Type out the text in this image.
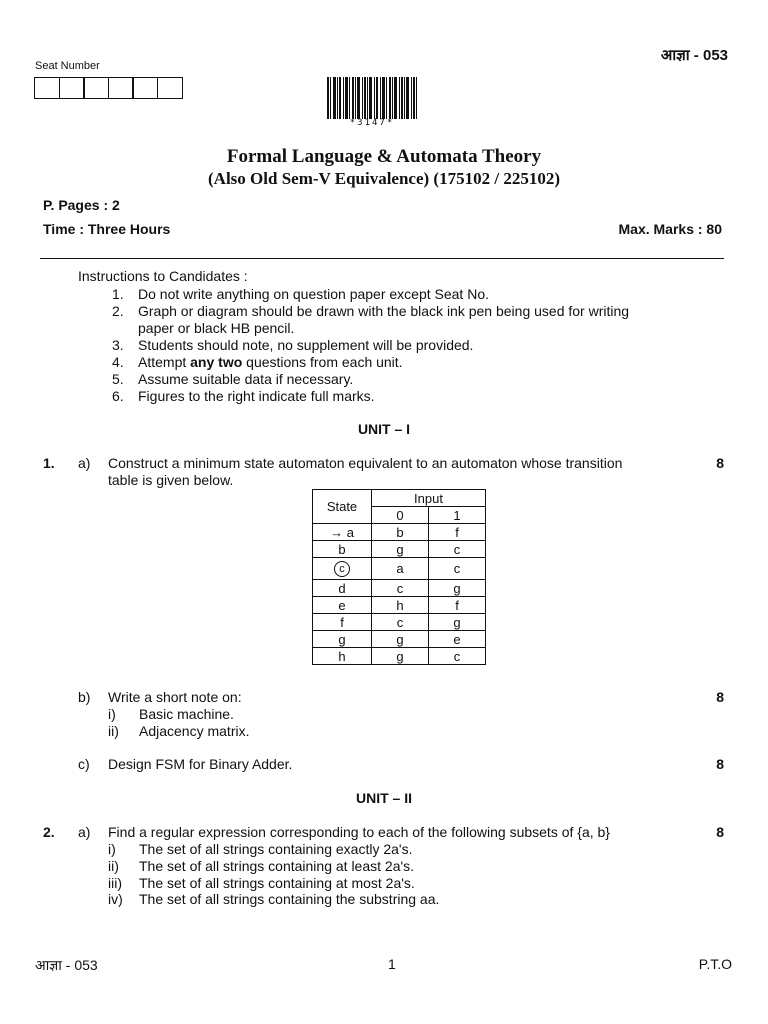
आज्ञा - 053
Seat Number
*3147*
Formal Language & Automata Theory
(Also Old Sem-V Equivalence) (175102 / 225102)
P. Pages : 2
Time : Three Hours	Max. Marks : 80
Instructions to Candidates :
1. Do not write anything on question paper except Seat No.
2. Graph or diagram should be drawn with the black ink pen being used for writing
paper or black HB pencil.
3. Students should note, no supplement will be provided.
4. Attempt any two questions from each unit.
5. Assume suitable data if necessary.
6. Figures to the right indicate full marks.
UNIT – I
1. a) Construct a minimum state automaton equivalent to an automaton whose transition
table is given below.
8
State	Input	
	0	1
→ a	b	f
b	g	c
c	a	c
d	c	g
e	h	f
f	c	g
g	g	e
h	g	c
b) Write a short note on:	8
i) Basic machine.
ii) Adjacency matrix.
c) Design FSM for Binary Adder.	8
UNIT – II
2. a) Find a regular expression corresponding to each of the following subsets of {a, b}	8
i) The set of all strings containing exactly 2a's.
ii) The set of all strings containing at least 2a's.
iii) The set of all strings containing at most 2a's.
iv) The set of all strings containing the substring aa.
आज्ञा - 053	1	P.T.O
